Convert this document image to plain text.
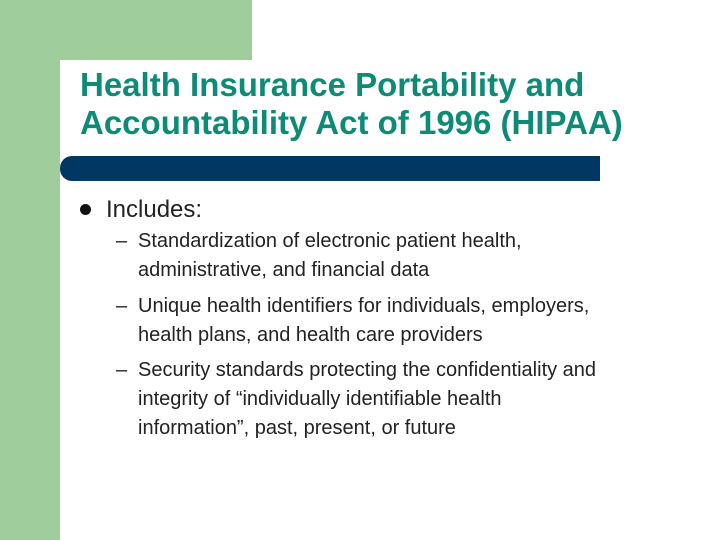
Health Insurance Portability and
Accountability Act of 1996 (HIPAA)
Includes:
– Standardization of electronic patient health,
administrative, and financial data
– Unique health identifiers for individuals, employers,
health plans, and health care providers
– Security standards protecting the confidentiality and
integrity of “individually identifiable health
information”, past, present, or future
